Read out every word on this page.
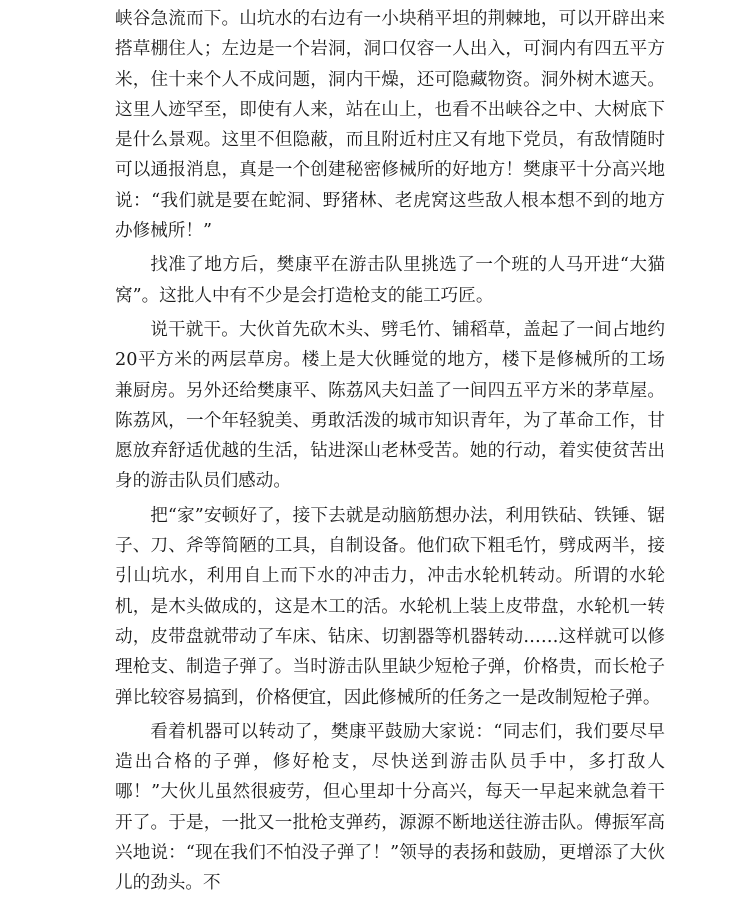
峡谷急流而下。山坑水的右边有一小块稍平坦的荆棘地，可以开辟出来搭草棚住人；左边是一个岩洞，洞口仅容一人出入，可洞内有四五平方米，住十来个人不成问题，洞内干燥，还可隐藏物资。洞外树木遮天。这里人迹罕至，即使有人来，站在山上，也看不出峡谷之中、大树底下是什么景观。这里不但隐蔽，而且附近村庄又有地下党员，有敌情随时可以通报消息，真是一个创建秘密修械所的好地方！樊康平十分高兴地说：“我们就是要在蛇洞、野猪林、老虎窝这些敌人根本想不到的地方办修械所！”

找准了地方后，樊康平在游击队里挑选了一个班的人马开进“大猫窝”。这批人中有不少是会打造枪支的能工巧匠。

说干就干。大伙首先砍木头、劈毛竹、铺稻草，盖起了一间占地约20平方米的两层草房。楼上是大伙睡觉的地方，楼下是修械所的工场兼厨房。另外还给樊康平、陈荔风夫妇盖了一间四五平方米的茅草屋。陈荔风，一个年轻貌美、勇敢活泼的城市知识青年，为了革命工作，甘愿放弃舒适优越的生活，钻进深山老林受苦。她的行动，着实使贫苦出身的游击队员们感动。

把“家”安顿好了，接下去就是动脑筋想办法，利用铁砧、铁锤、锯子、刀、斧等简陋的工具，自制设备。他们砍下粗毛竹，劈成两半，接引山坑水，利用自上而下水的冲击力，冲击水轮机转动。所谓的水轮机，是木头做成的，这是木工的活。水轮机上装上皮带盘，水轮机一转动，皮带盘就带动了车床、钻床、切割器等机器转动……这样就可以修理枪支、制造子弹了。当时游击队里缺少短枪子弹，价格贵，而长枪子弹比较容易搞到，价格便宜，因此修械所的任务之一是改制短枪子弹。

看着机器可以转动了，樊康平鼓励大家说：“同志们，我们要尽早造出合格的子弹，修好枪支，尽快送到游击队员手中，多打敌人哪！”大伙儿虽然很疲劳，但心里却十分高兴，每天一早起来就急着干开了。于是，一批又一批枪支弹药，源源不断地送往游击队。傅振军高兴地说：“现在我们不怕没子弹了！”领导的表扬和鼓励，更增添了大伙儿的劲头。不
